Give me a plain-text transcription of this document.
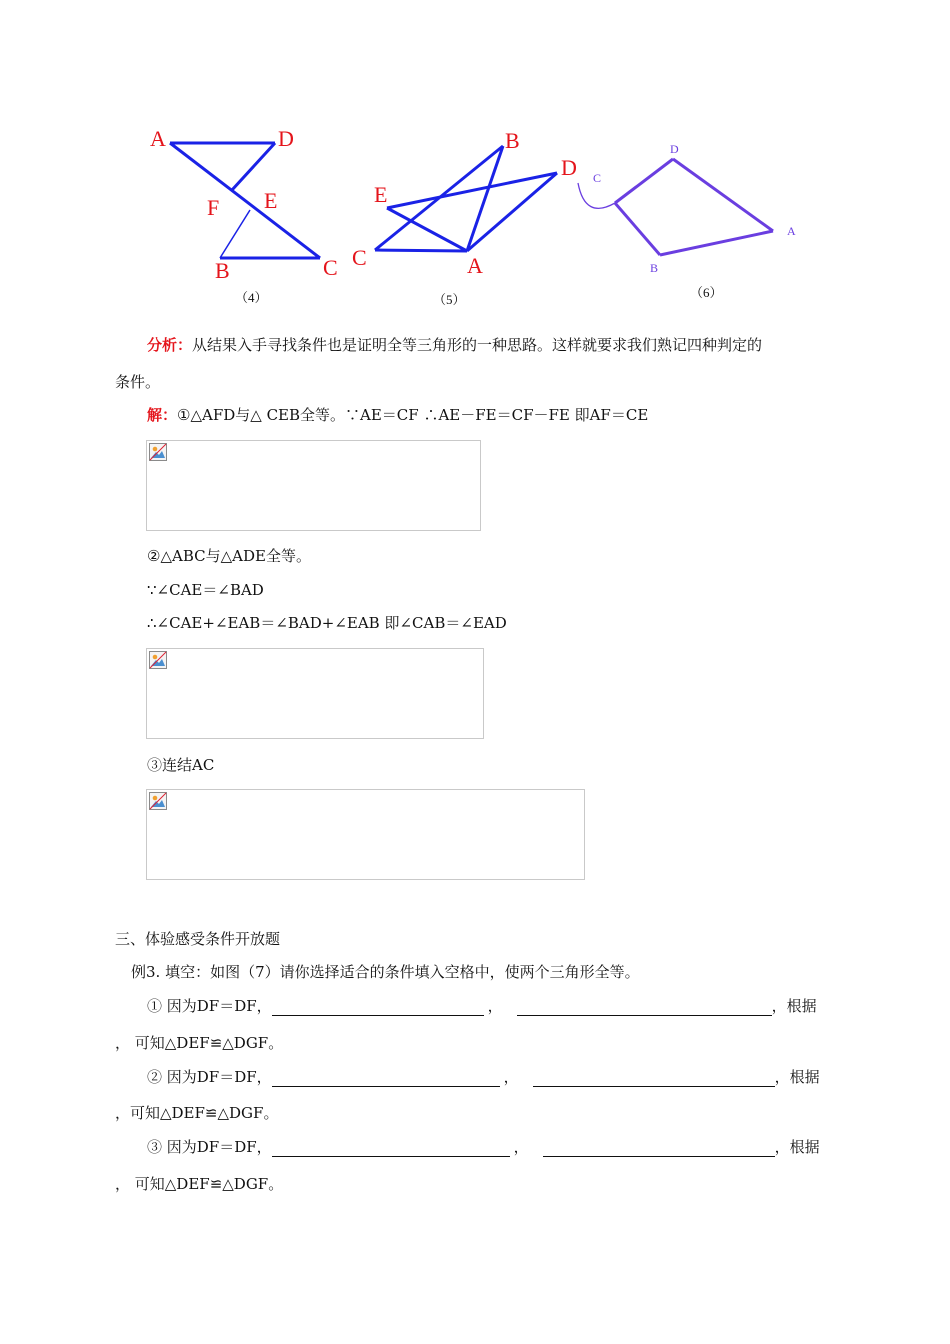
A	D
F E
B	C
（4）
B
D
E
C	A
（5）
D
C
A
B
（6）
分析：从结果入手寻找条件也是证明全等三角形的一种思路。这样就要求我们熟记四种判定的
条件。
解：①△AFD与△ CEB全等。∵AE＝CF ∴AE－FE＝CF－FE 即AF＝CE
②△ABC与△ADE全等。
∵∠CAE＝∠BAD
∴∠CAE+∠EAB＝∠BAD+∠EAB 即∠CAB＝∠EAD
③连结AC
三、体验感受条件开放题
例3. 填空：如图（7）请你选择适合的条件填入空格中，使两个三角形全等。
① 因为DF＝DF，	，	，根据
， 可知△DEF≌△DGF。
② 因为DF＝DF，	，	，根据
，可知△DEF≌△DGF。
③ 因为DF＝DF，	，	，根据
， 可知△DEF≌△DGF。
